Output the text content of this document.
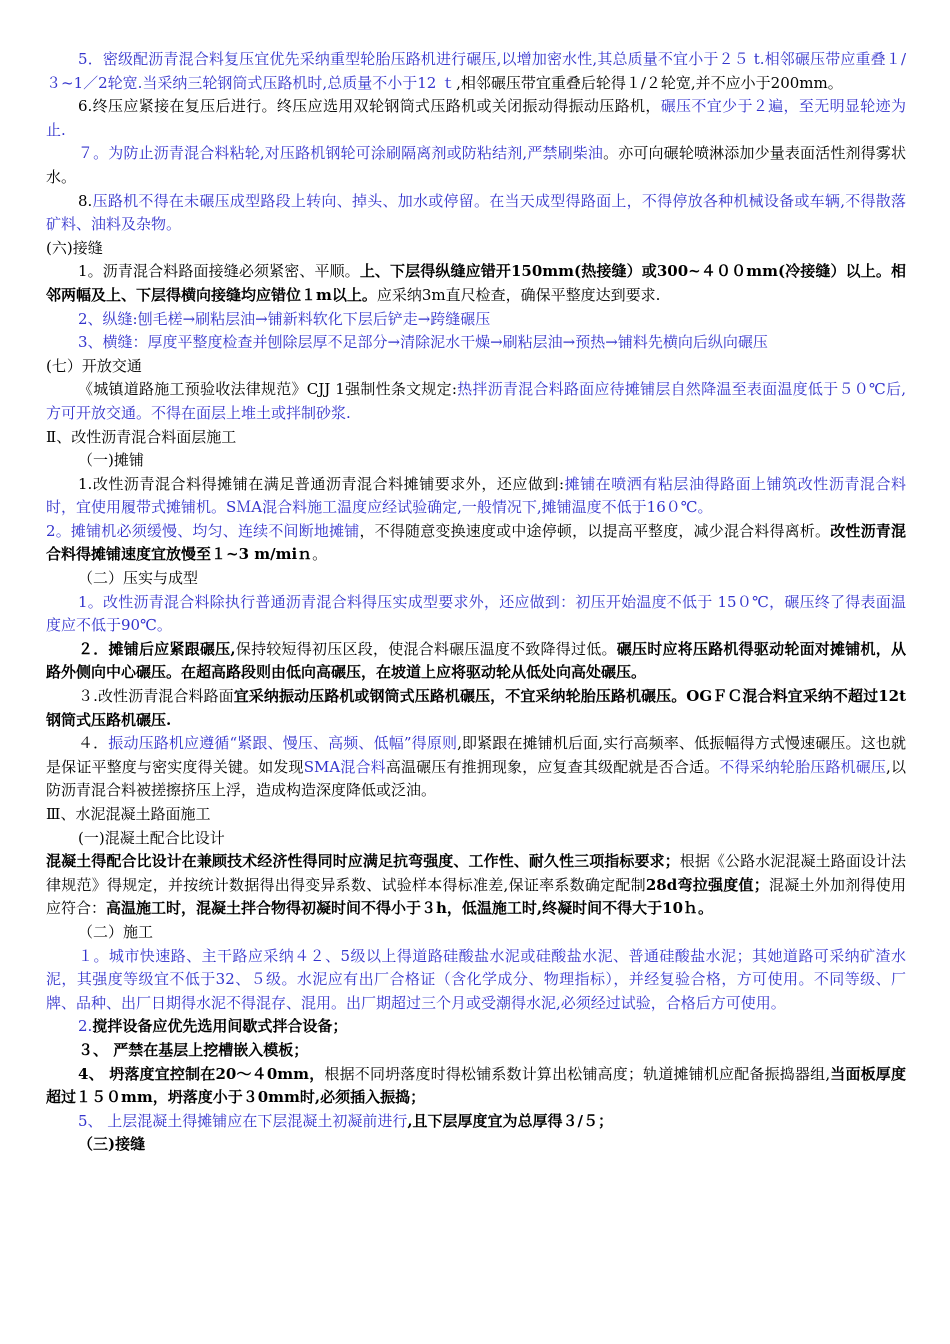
5．密级配沥青混合料复压宜优先采纳重型轮胎压路机进行碾压,以增加密水性,其总质量不宜小于２５ t.相邻碾压带应重叠１/３~1／2轮宽.当采纳三轮钢筒式压路机时,总质量不小于12 ｔ,相邻碾压带宜重叠后轮得１/２轮宽,并不应小于200mm。

6.终压应紧接在复压后进行。终压应选用双轮钢筒式压路机或关闭振动得振动压路机，碾压不宜少于２遍，至无明显轮迹为止.

７。为防止沥青混合料粘轮,对压路机钢轮可涂刷隔离剂或防粘结剂,严禁刷柴油。亦可向碾轮喷淋添加少量表面活性剂得雾状水。

8.压路机不得在未碾压成型路段上转向、掉头、加水或停留。在当天成型得路面上，不得停放各种机械设备或车辆,不得散落矿料、油料及杂物。

(六)接缝

1。沥青混合料路面接缝必须紧密、平顺。上、下层得纵缝应错开150mm(热接缝）或300~４００mm(冷接缝）以上。相邻两幅及上、下层得横向接缝均应错位１m以上。应采纳3m直尺检查，确保平整度达到要求.

2、纵缝:刨毛槎→刷粘层油→铺新料软化下层后铲走→跨缝碾压

3、横缝：厚度平整度检查并刨除层厚不足部分→清除泥水干燥→刷粘层油→预热→铺料先横向后纵向碾压

(七）开放交通

《城镇道路施工预验收法律规范》CJJ 1强制性条文规定:热拌沥青混合料路面应待摊铺层自然降温至表面温度低于５０℃后,方可开放交通。不得在面层上堆土或拌制砂浆.

Ⅱ、改性沥青混合料面层施工

（一)摊铺

1.改性沥青混合料得摊铺在满足普通沥青混合料摊铺要求外，还应做到:摊铺在喷洒有粘层油得路面上铺筑改性沥青混合料时，宜使用履带式摊铺机。SＭA混合料施工温度应经试验确定,一般情况下,摊铺温度不低于16０℃。

2。摊铺机必须缓慢、均匀、连续不间断地摊铺，不得随意变换速度或中途停顿，以提高平整度，减少混合料得离析。改性沥青混合料得摊铺速度宜放慢至１~3 m/miｎ。

（二）压实与成型

1。改性沥青混合料除执行普通沥青混合料得压实成型要求外，还应做到：初压开始温度不低于 15０℃，碾压终了得表面温度应不低于90℃。

２．摊铺后应紧跟碾压,保持较短得初压区段，使混合料碾压温度不致降得过低。碾压时应将压路机得驱动轮面对摊铺机，从路外侧向中心碾压。在超高路段则由低向高碾压，在坡道上应将驱动轮从低处向高处碾压。

３.改性沥青混合料路面宜采纳振动压路机或钢筒式压路机碾压，不宜采纳轮胎压路机碾压。OGＦＣ混合料宜采纳不超过12t钢筒式压路机碾压.

４．振动压路机应遵循“紧跟、慢压、高频、低幅”得原则,即紧跟在摊铺机后面,实行高频率、低振幅得方式慢速碾压。这也就是保证平整度与密实度得关键。如发现SMA混合料高温碾压有推拥现象，应复查其级配就是否合适。不得采纳轮胎压路机碾压,以防沥青混合料被搓擦挤压上浮，造成构造深度降低或泛油。

Ⅲ、水泥混凝土路面施工

(一)混凝土配合比设计

混凝土得配合比设计在兼顾技术经济性得同时应满足抗弯强度、工作性、耐久性三项指标要求；根据《公路水泥混凝土路面设计法律规范》得规定，并按统计数据得出得变异系数、试验样本得标准差,保证率系数确定配制28d弯拉强度值；混凝土外加剂得使用应符合：高温施工时，混凝土拌合物得初凝时间不得小于３h，低温施工时,终凝时间不得大于10ｈ。

（二）施工

１。城市快速路、主干路应采纳４２、5级以上得道路硅酸盐水泥或硅酸盐水泥、普通硅酸盐水泥；其她道路可采纳矿渣水泥，其强度等级宜不低于32、５级。水泥应有出厂合格证（含化学成分、物理指标），并经复验合格，方可使用。不同等级、厂牌、品种、出厂日期得水泥不得混存、混用。出厂期超过三个月或受潮得水泥,必须经过试验，合格后方可使用。

2.搅拌设备应优先选用间歇式拌合设备；

３、 严禁在基层上挖槽嵌入模板；

4、 坍落度宜控制在20～４0mm，根据不同坍落度时得松铺系数计算出松铺高度；轨道摊铺机应配备振捣器组,当面板厚度超过１５０mm，坍落度小于３0mm时,必须插入振捣；

5、 上层混凝土得摊铺应在下层混凝土初凝前进行,且下层厚度宜为总厚得３/５；

（三)接缝
